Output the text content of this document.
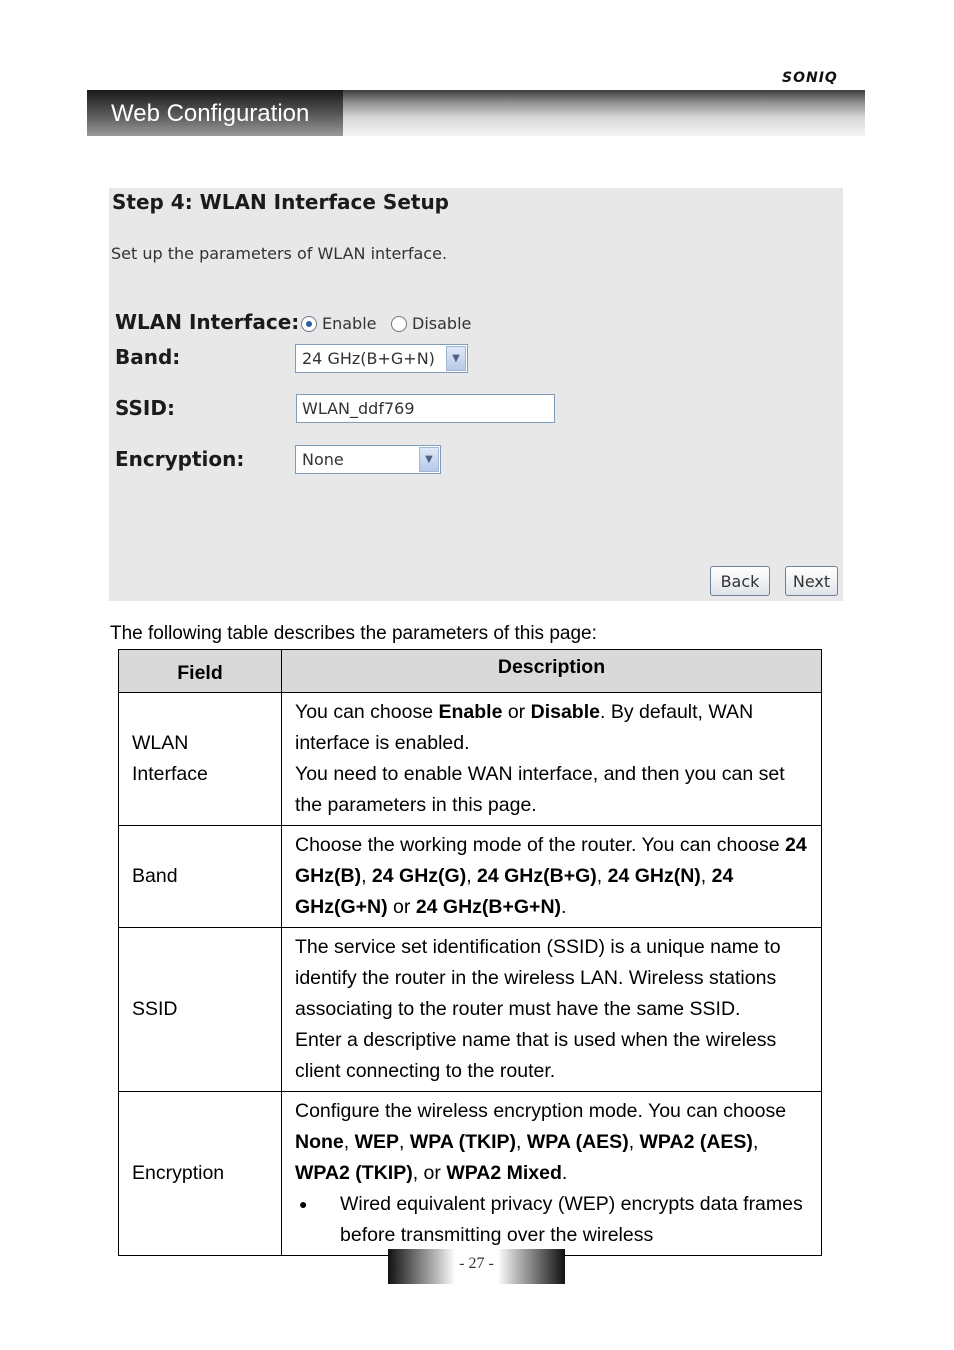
SONIQ
Web Configuration
Step 4: WLAN Interface Setup
Set up the parameters of WLAN interface.
WLAN Interface: Enable Disable
Band:	24 GHz(B+G+N)	▼
SSID:	WLAN_ddf769
Encryption:	None	▼
Back	Next
The following table describes the parameters of this page:
Field	Description
WLAN Interface	You can choose Enable or Disable. By default, WAN interface is enabled.
You need to enable WAN interface, and then you can set the parameters in this page.

Band	Choose the working mode of the router. You can choose 24 GHz(B), 24 GHz(G), 24 GHz(B+G), 24 GHz(N), 24 GHz(G+N) or 24 GHz(B+G+N).

SSID	The service set identification (SSID) is a unique name to identify the router in the wireless LAN. Wireless stations associating to the router must have the same SSID.
Enter a descriptive name that is used when the wireless client connecting to the router.

Encryption	Configure the wireless encryption mode. You can choose None, WEP, WPA (TKIP), WPA (AES), WPA2 (AES), WPA2 (TKIP), or WPA2 Mixed.
● Wired equivalent privacy (WEP) encrypts data frames before transmitting over the wireless
- 27 -
